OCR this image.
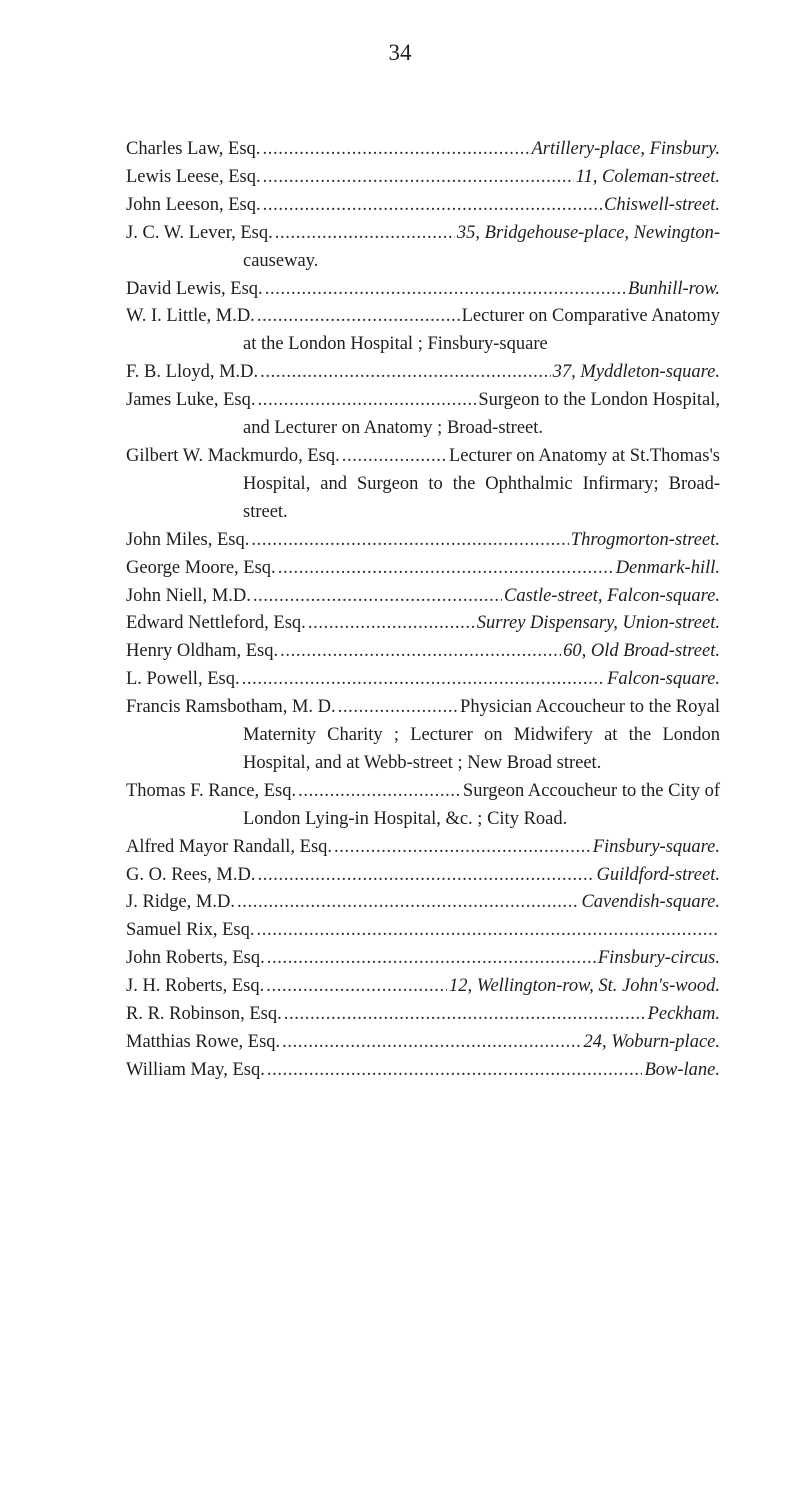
34
Charles Law, Esq. . . .	Artillery-place, Finsbury.
Lewis Leese, Esq. . . .	11, Coleman-street.
John Leeson, Esq. . . .	Chiswell-street.
J. C. W. Lever, Esq. . . .	35, Bridgehouse-place, Newington-
causeway.
David Lewis, Esq. . . .	Bunhill-row.
W. I. Little, M.D. . . .	Lecturer on Comparative Anatomy
at the London Hospital ; Finsbury-square
F. B. Lloyd, M.D. . . .	37, Myddleton-square.
James Luke, Esq. . . .	Surgeon to the London Hospital,
and Lecturer on Anatomy ; Broad-street.
Gilbert W. Mackmurdo, Esq. . . .	Lecturer on Anatomy at St.Thomas's
Hospital, and Surgeon to the Ophthalmic Infirmary; Broad-street.
John Miles, Esq. . . .	Throgmorton-street.
George Moore, Esq. . . .	Denmark-hill.
John Niell, M.D. . . .	Castle-street, Falcon-square.
Edward Nettleford, Esq. . . .	Surrey Dispensary, Union-street.
Henry Oldham, Esq. . . .	60, Old Broad-street.
L. Powell, Esq. . . .	Falcon-square.
Francis Ramsbotham, M. D. . . .	Physician Accoucheur to the Royal
Maternity Charity ; Lecturer on Midwifery at the London Hospital, and at Webb-street ; New Broad street.
Thomas F. Rance, Esq. . . .	Surgeon Accoucheur to the City of
London Lying-in Hospital, &c. ; City Road.
Alfred Mayor Randall, Esq. . . .	Finsbury-square.
G. O. Rees, M.D. . . .	Guildford-street.
J. Ridge, M.D. . . .	Cavendish-square.
Samuel Rix, Esq.
. . .
John Roberts, Esq. . . .	Finsbury-circus.
J. H. Roberts, Esq. . . .	12, Wellington-row, St. John's-wood.
R. R. Robinson, Esq. . . .	Peckham.
Matthias Rowe, Esq. . . .	24, Woburn-place.
William May, Esq. . . .	Bow-lane.
